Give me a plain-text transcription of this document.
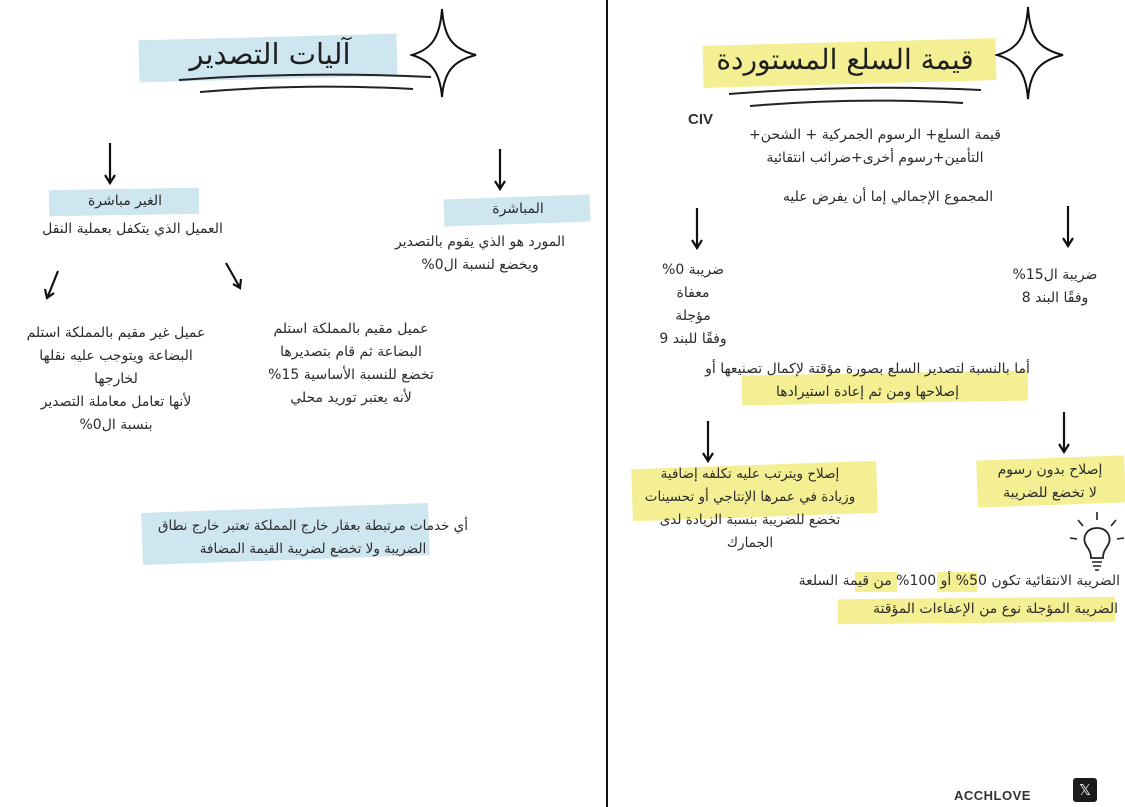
آليات التصدير
الغير مباشرة
العميل الذي يتكفل بعملية النقل
المباشرة
المورد هو الذي يقوم بالتصدير
ويخضع لنسبة ال0%
عميل غير مقيم بالمملكة استلم
البضاعة ويتوجب عليه نقلها
لخارجها
لأنها تعامل معاملة التصدير
بنسبة ال0%
عميل مقيم بالمملكة استلم
البضاعة ثم قام بتصديرها
تخضع للنسبة الأساسية 15%
لأنه يعتبر توريد محلي
أي خدمات مرتبطة بعقار خارج المملكة تعتبر خارج نطاق
الضريبة ولا تخضع لضريبة القيمة المضافة
قيمة السلع المستوردة
CIV
قيمة السلع+ الرسوم الجمركية + الشحن+
التأمين+رسوم أخرى+ضرائب انتقائية
المجموع الإجمالي إما أن يفرض عليه
ضريبة ال15%
وفقًا البند 8
ضريبة 0%
معفاة
مؤجلة
وفقًا للبند 9
أما بالنسبة لتصدير السلع بصورة مؤقتة لإكمال تصنيعها أو
إصلاحها ومن ثم إعادة استيرادها
إصلاح بدون رسوم
لا تخضع للضريبة
إصلاح ويترتب عليه تكلفه إضافية
وزيادة في عمرها الإنتاجي أو تحسينات
تخضع للضريبة بنسبة الزيادة لدى
الجمارك
الضريبة الانتقائية تكون 50% أو 100% من قيمة السلعة
الضريبة المؤجلة نوع من الإعفاءات المؤقتة
ACCHLOVE	𝕏
